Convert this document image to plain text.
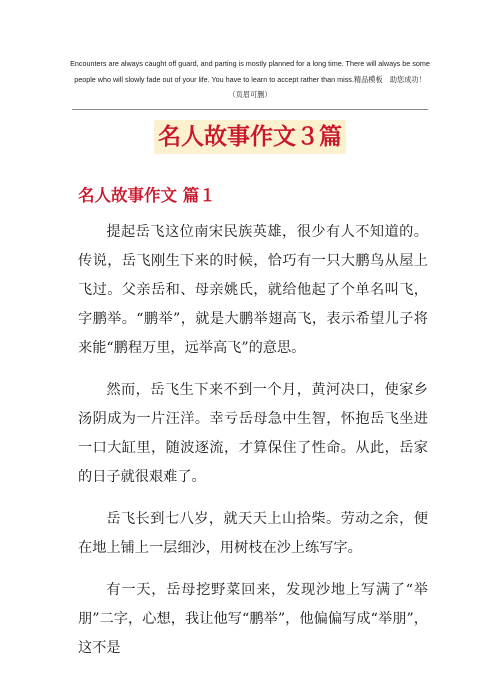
Encounters are always caught off guard, and parting is mostly planned for a long time. There will always be some
people who will slowly fade out of your life. You have to learn to accept rather than miss.精品模板　助您成功！
（页眉可删）
名人故事作文３篇
名人故事作文 篇１

提起岳飞这位南宋民族英雄，很少有人不知道的。传说，岳飞刚生下来的时候，恰巧有一只大鹏鸟从屋上飞过。父亲岳和、母亲姚氏，就给他起了个单名叫飞，字鹏举。“鹏举”，就是大鹏举翅高飞，表示希望儿子将来能“鹏程万里，远举高飞”的意思。

然而，岳飞生下来不到一个月，黄河决口，使家乡汤阴成为一片汪洋。幸亏岳母急中生智，怀抱岳飞坐进一口大缸里，随波逐流，才算保住了性命。从此，岳家的日子就很艰难了。

岳飞长到七八岁，就天天上山拾柴。劳动之余，便在地上铺上一层细沙，用树枝在沙上练写字。

有一天，岳母挖野菜回来，发现沙地上写满了“举朋”二字，心想，我让他写“鹏举”，他偏偏写成“举朋”，这不是
